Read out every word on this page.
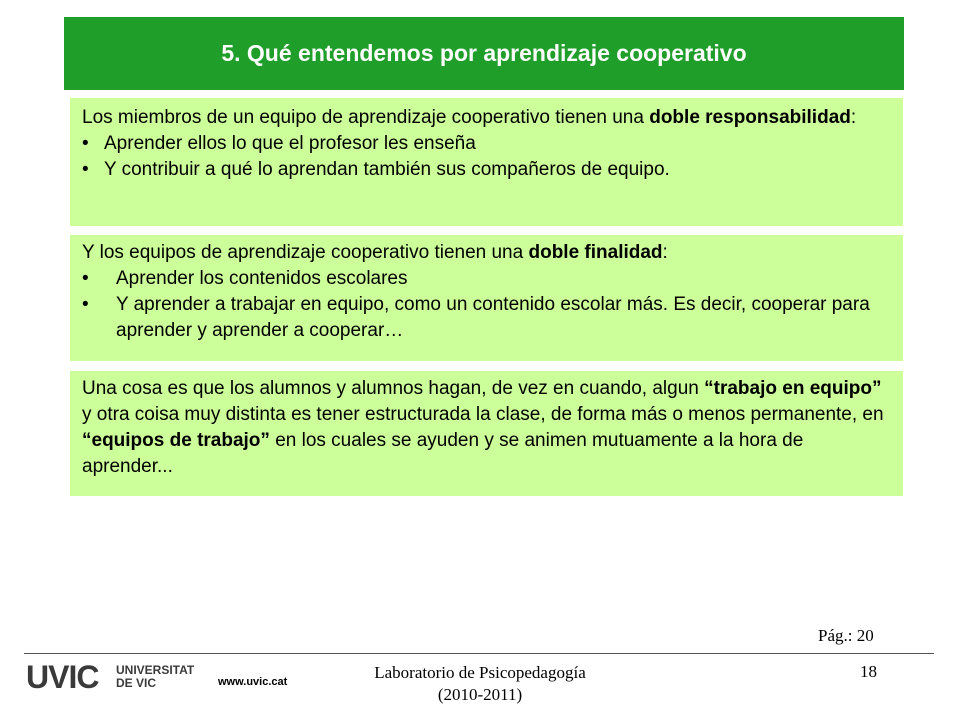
5. Qué entendemos por aprendizaje cooperativo

Los miembros de un equipo de aprendizaje cooperativo tienen una doble responsabilidad:

• Aprender ellos lo que el profesor les enseña

• Y contribuir a qué lo aprendan también sus compañeros de equipo.

Y los equipos de aprendizaje cooperativo tienen una doble finalidad:

•	Aprender los contenidos escolares

•	Y aprender a trabajar en equipo, como un contenido escolar más. Es decir, cooperar para aprender y aprender a cooperar…

Una cosa es que los alumnos y alumnos hagan, de vez en cuando, algun “trabajo en equipo” y otra coisa muy distinta es tener estructurada la clase, de forma más o menos permanente, en “equipos de trabajo” en los cuales se ayuden y se animen mutuamente a la hora de aprender...

Pág.: 20
UVIC UNIVERSITAT
DE VIC	www.uvic.cat	Laboratorio de Psicopedagogía
(2010-2011)
18
